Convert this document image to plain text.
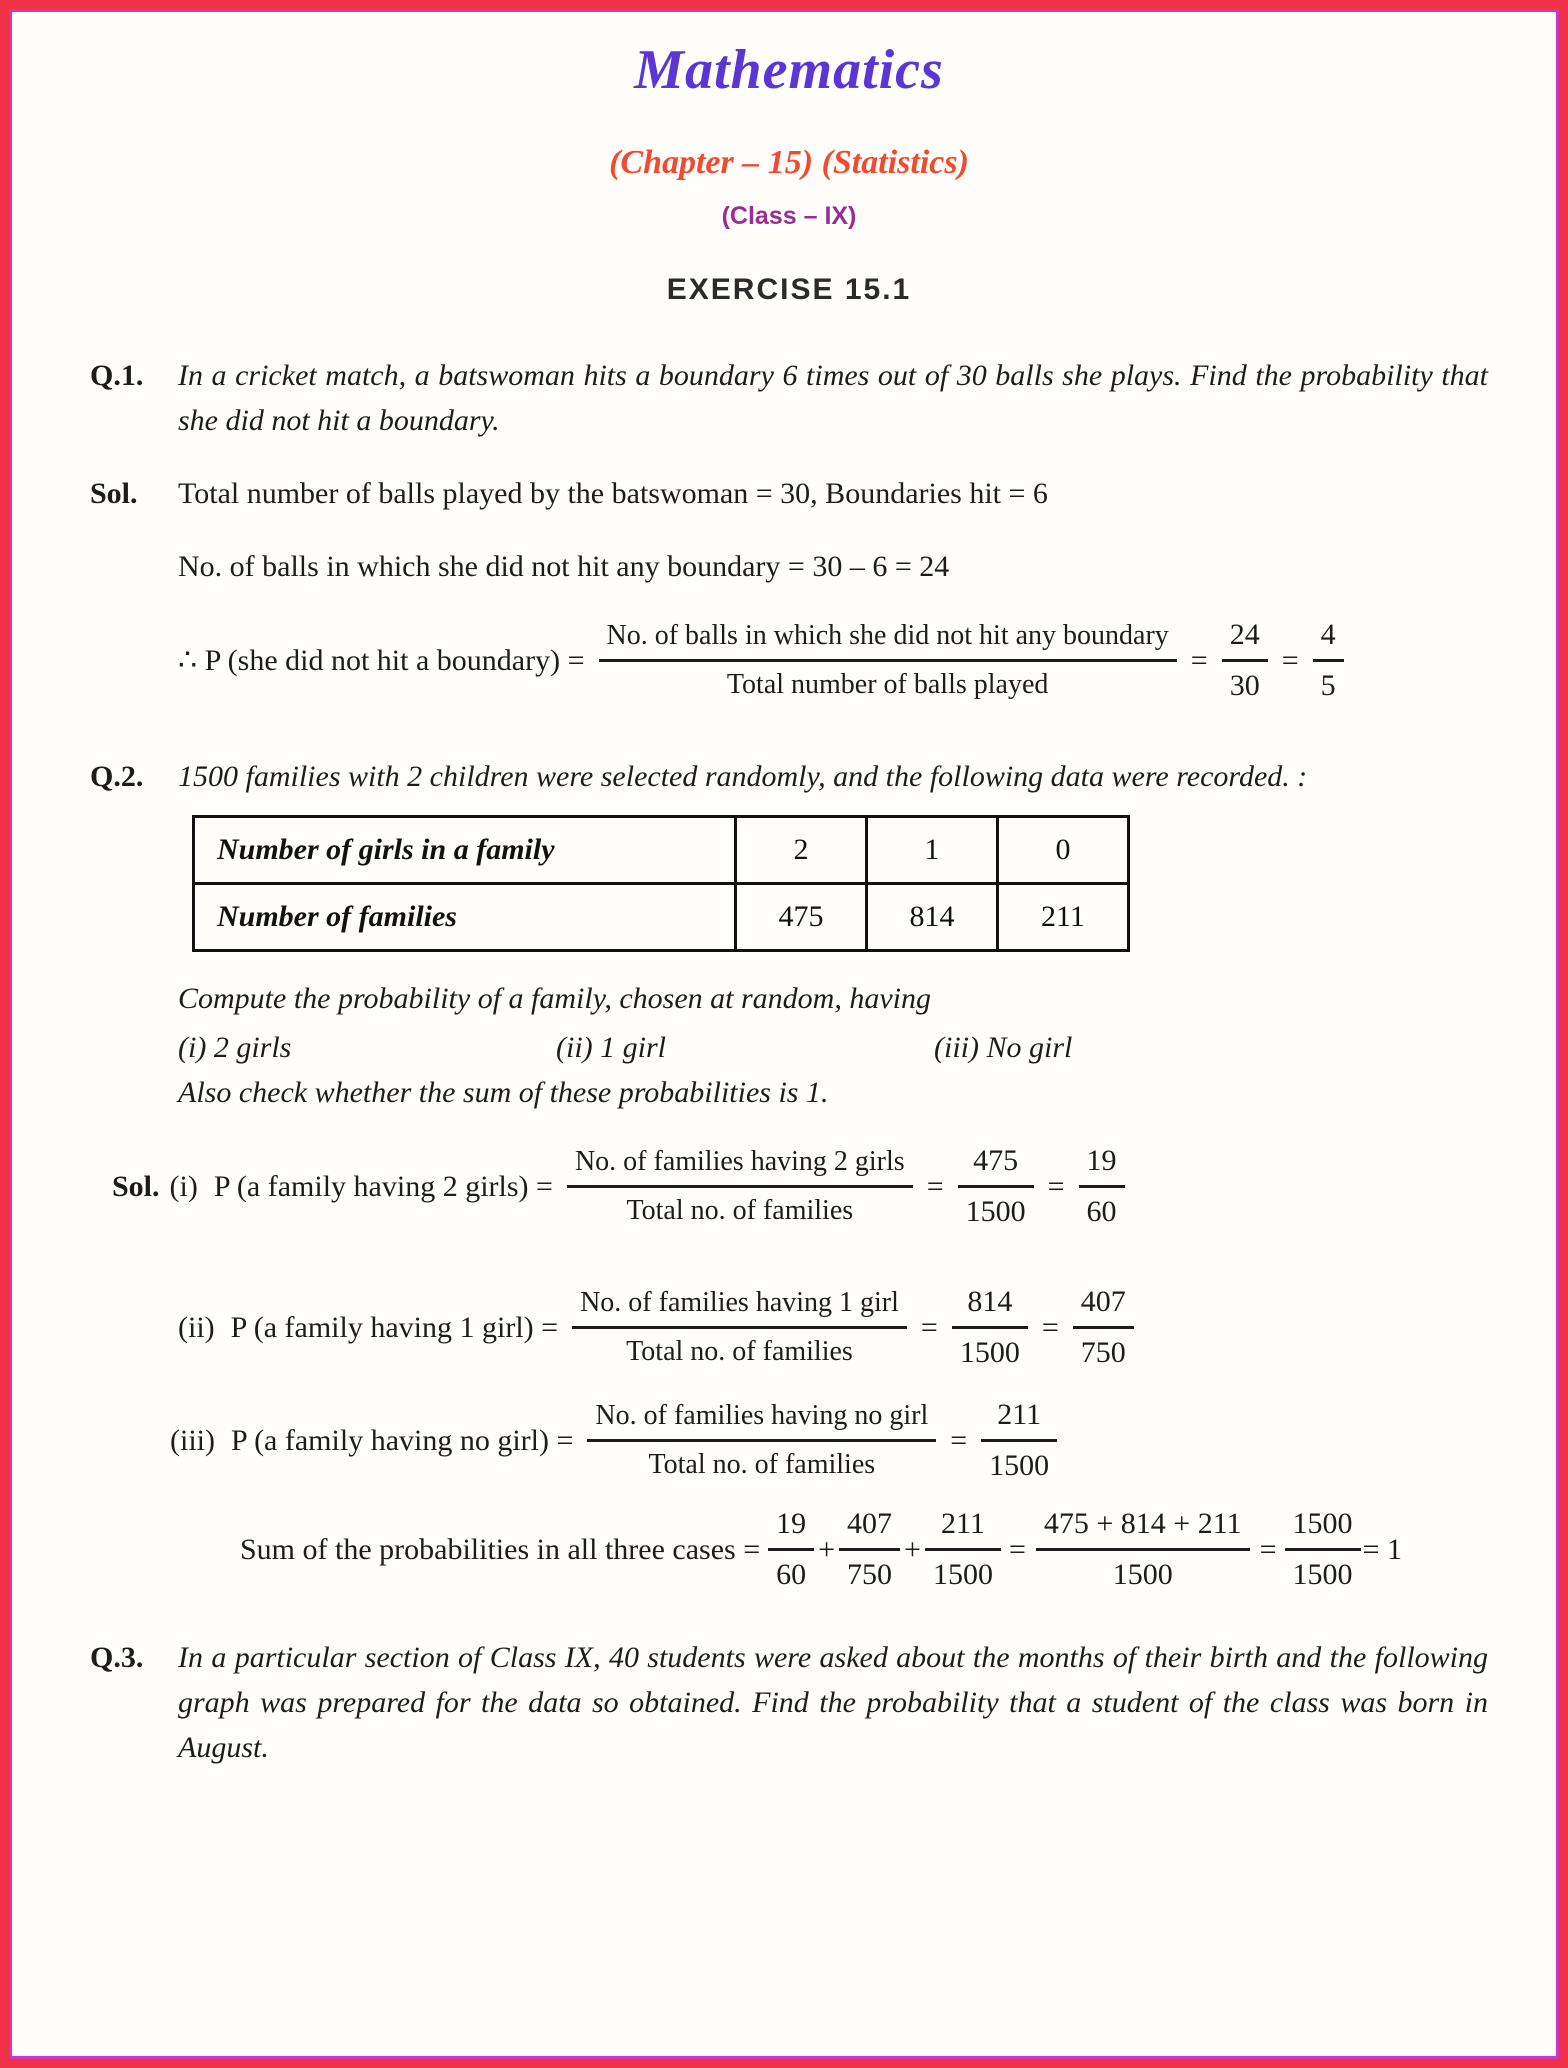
Mathematics
(Chapter – 15) (Statistics)
(Class – IX)
EXERCISE 15.1
Q.1.	In a cricket match, a batswoman hits a boundary 6 times out of 30 balls she plays. Find the probability that she did not hit a boundary.
Sol.	Total number of balls played by the batswoman = 30, Boundaries hit = 6
No. of balls in which she did not hit any boundary = 30 – 6 = 24
∴ P (she did not hit a boundary) = $\frac{\text{No. of balls in which she did not hit any boundary}}{\text{Total number of balls played}} = \frac{24}{30} = \frac{4}{5}$
Q.2.	1500 families with 2 children were selected randomly, and the following data were recorded. :
Number of girls in a family	2	1	0
Number of families	475	814	211
Compute the probability of a family, chosen at random, having
(i) 2 girls	(ii) 1 girl	(iii) No girl
Also check whether the sum of these probabilities is 1.
Sol. (i) P (a family having 2 girls) = $\frac{\text{No. of families having 2 girls}}{\text{Total no. of families}} = \frac{475}{1500} = \frac{19}{60}$
(ii) P (a family having 1 girl) = $\frac{\text{No. of families having 1 girl}}{\text{Total no. of families}} = \frac{814}{1500} = \frac{407}{750}$
(iii) P (a family having no girl) = $\frac{\text{No. of families having no girl}}{\text{Total no. of families}} = \frac{211}{1500}$
Sum of the probabilities in all three cases = $\frac{19}{60} + \frac{407}{750} + \frac{211}{1500} = \frac{475 + 814 + 211}{1500} = \frac{1500}{1500} = 1$
Q.3.	In a particular section of Class IX, 40 students were asked about the months of their birth and the following graph was prepared for the data so obtained. Find the probability that a student of the class was born in August.
